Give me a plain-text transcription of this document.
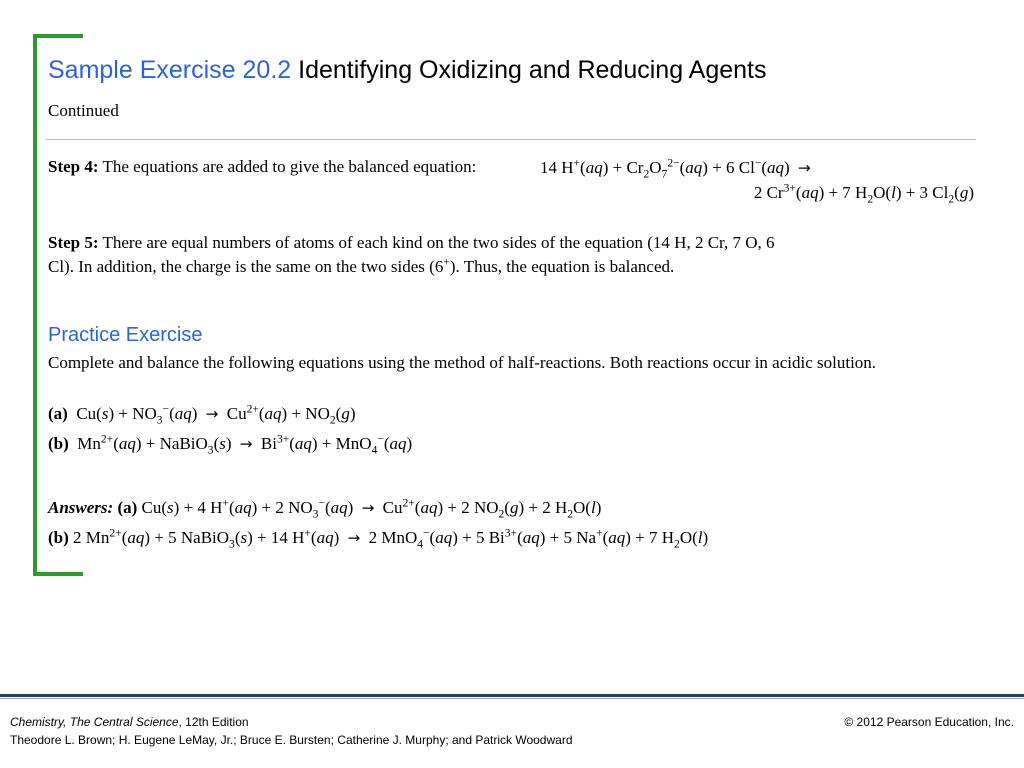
Sample Exercise 20.2 Identifying Oxidizing and Reducing Agents
Continued
Step 4: The equations are added to give the balanced equation:	14 $H^+(aq) + Cr_2O_7^{2-}(aq) + 6$ Cl−(aq) →
2 $Cr^{3+}(aq) + 7$ $H_2O(l) + 3$ $Cl_2(g)$
Step 5: There are equal numbers of atoms of each kind on the two sides of the equation (14 H, 2 Cr, 7 O, 6 Cl). In addition, the charge is the same on the two sides (6+). Thus, the equation is balanced.
Practice Exercise
Complete and balance the following equations using the method of half-reactions. Both reactions occur in acidic solution.
(a)  $Cu(s) + NO_3^-(aq) \to Cu^{2+}(aq) + NO_2(g)$
(b)  $Mn^{2+}(aq)$ + NaBiO$_3$(s) → $Bi^{3+}(aq) + MnO_4^-(aq)$
Answers: (a) Cu(s) + 4 H+(aq) + 2 $NO_3^-(aq) \to Cu^{2+}(aq) + 2$ $NO_2(g) + 2$ $H_2O(l)$
(b) 2 $Mn^{2+}(aq) + 5$ NaBiO$_3$(s) + 14 H+(aq) → 2 MnO$_4$−(aq) + 5 $Bi^{3+}(aq) + 5$ Na+(aq) + 7 $H_2O(l)$
Chemistry, The Central Science, 12th Edition
Theodore L. Brown; H. Eugene LeMay, Jr.; Bruce E. Bursten; Catherine J. Murphy; and Patrick Woodward
© 2012 Pearson Education, Inc.
